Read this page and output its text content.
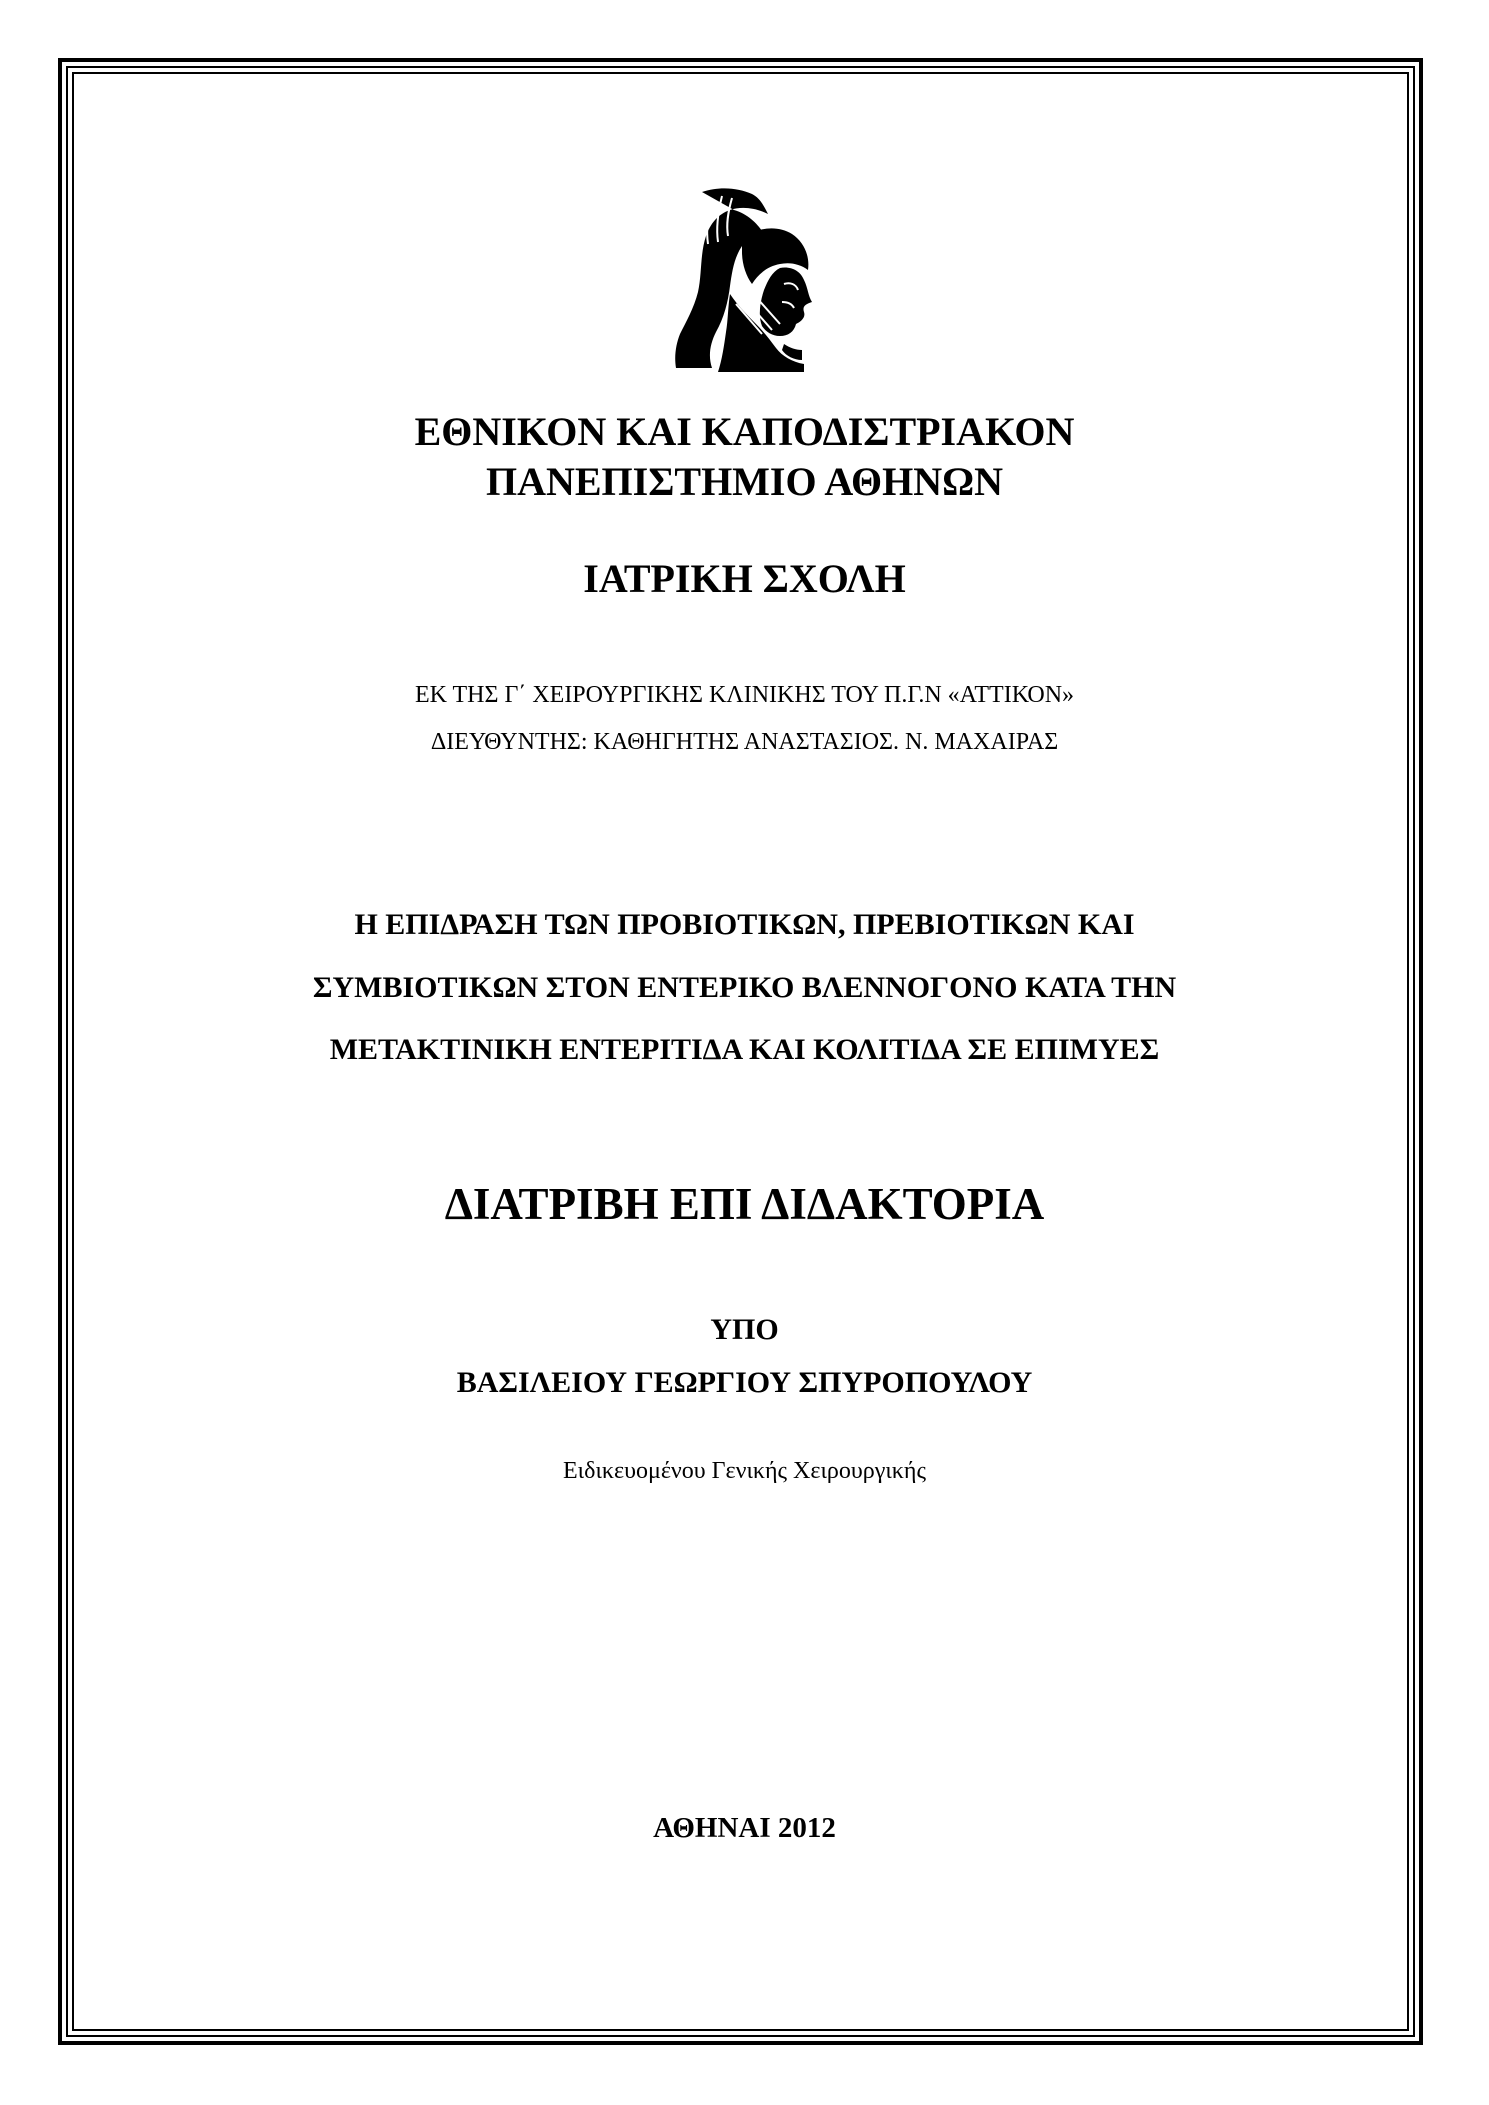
ΕΘΝΙΚΟΝ ΚΑΙ ΚΑΠΟΔΙΣΤΡΙΑΚΟΝ

ΠΑΝΕΠΙΣΤΗΜΙΟ ΑΘΗΝΩΝ

ΙΑΤΡΙΚΗ ΣΧΟΛΗ

ΕΚ ΤΗΣ Γ΄ ΧΕΙΡΟΥΡΓΙΚΗΣ ΚΛΙΝΙΚΗΣ ΤΟΥ Π.Γ.Ν «ΑΤΤΙΚΟΝ»

ΔΙΕΥΘΥΝΤΗΣ: ΚΑΘΗΓΗΤΗΣ ΑΝΑΣΤΑΣΙΟΣ. Ν. ΜΑΧΑΙΡΑΣ

Η ΕΠΙΔΡΑΣΗ ΤΩΝ ΠΡΟΒΙΟΤΙΚΩΝ, ΠΡΕΒΙΟΤΙΚΩΝ ΚΑΙ

ΣΥΜΒΙΟΤΙΚΩΝ ΣΤΟΝ ΕΝΤΕΡΙΚΟ ΒΛΕΝΝΟΓΟΝΟ ΚΑΤΑ ΤΗΝ

ΜΕΤΑΚΤΙΝΙΚΗ ΕΝΤΕΡΙΤΙΔΑ ΚΑΙ ΚΟΛΙΤΙΔΑ ΣΕ ΕΠΙΜΥΕΣ

ΔΙΑΤΡΙΒΗ ΕΠΙ ΔΙΔΑΚΤΟΡΙΑ

ΥΠΟ

ΒΑΣΙΛΕΙΟΥ ΓΕΩΡΓΙΟΥ ΣΠΥΡΟΠΟΥΛΟΥ

Ειδικευομένου Γενικής Χειρουργικής

ΑΘΗΝΑΙ 2012
